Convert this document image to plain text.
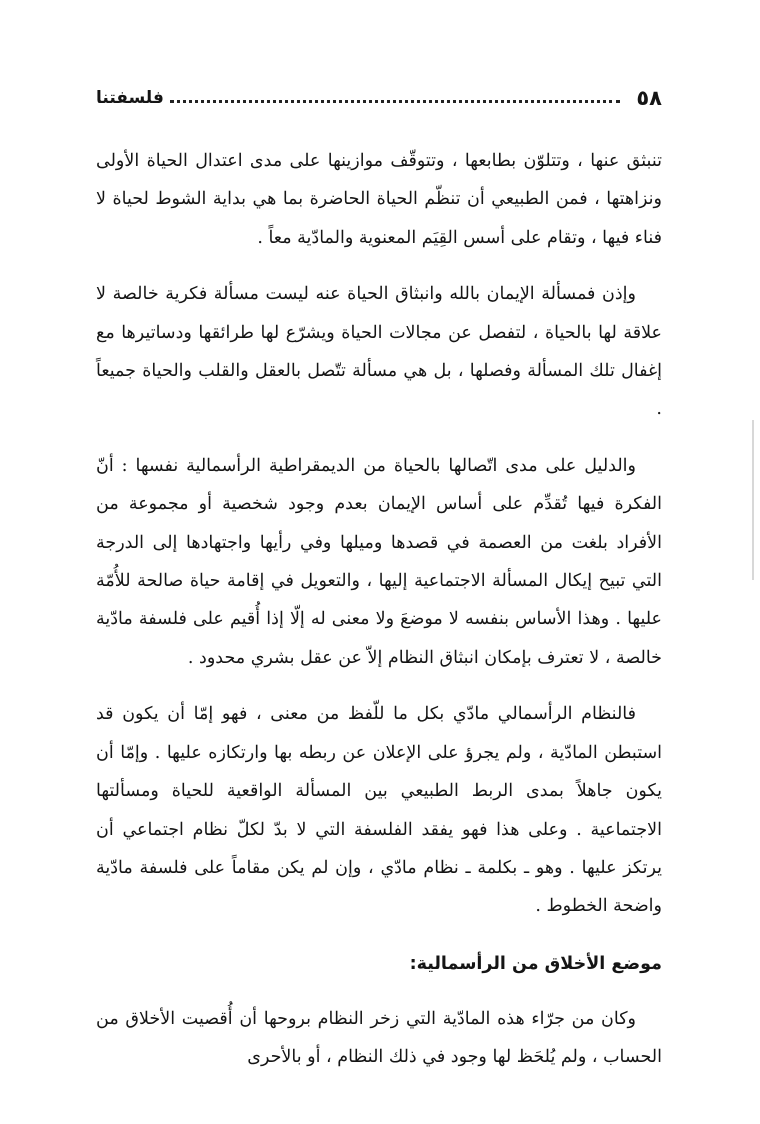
٥٨
فلسفتنا

تنبثق عنها ، وتتلوّن بطابعها ، وتتوقّف موازينها على مدى اعتدال الحياة الأولى ونزاهتها ، فمن الطبيعي أن تنظّم الحياة الحاضرة بما هي بداية الشوط لحياة لا فناء فيها ، وتقام على أسس القِيَم المعنوية والمادّية معاً .

وإذن فمسألة الإيمان بالله وانبثاق الحياة عنه ليست مسألة فكرية خالصة لا علاقة لها بالحياة ، لتفصل عن مجالات الحياة ويشرّع لها طرائقها ودساتيرها مع إغفال تلك المسألة وفصلها ، بل هي مسألة تتّصل بالعقل والقلب والحياة جميعاً .

والدليل على مدى اتّصالها بالحياة من الديمقراطية الرأسمالية نفسها : أنّ الفكرة فيها تُقدِّم على أساس الإيمان بعدم وجود شخصية أو مجموعة من الأفراد بلغت من العصمة في قصدها وميلها وفي رأيها واجتهادها إلى الدرجة التي تبيح إيكال المسألة الاجتماعية إليها ، والتعويل في إقامة حياة صالحة للأُمّة عليها . وهذا الأساس بنفسه لا موضعَ ولا معنى له إلّا إذا أُقيم على فلسفة مادّية خالصة ، لا تعترف بإمكان انبثاق النظام إلاّ عن عقل بشري محدود .

فالنظام الرأسمالي مادّي بكل ما للّفظ من معنى ، فهو إمّا أن يكون قد استبطن المادّية ، ولم يجرؤ على الإعلان عن ربطه بها وارتكازه عليها . وإمّا أن يكون جاهلاً بمدى الربط الطبيعي بين المسألة الواقعية للحياة ومسألتها الاجتماعية . وعلى هذا فهو يفقد الفلسفة التي لا بدّ لكلّ نظام اجتماعي أن يرتكز عليها . وهو ـ بكلمة ـ نظام مادّي ، وإن لم يكن مقاماً على فلسفة مادّية واضحة الخطوط .

موضع الأخلاق من الرأسمالية:

وكان من جرّاء هذه المادّية التي زخر النظام بروحها أن أُقصيت الأخلاق من الحساب ، ولم يُلحَظ لها وجود في ذلك النظام ، أو بالأحرى
